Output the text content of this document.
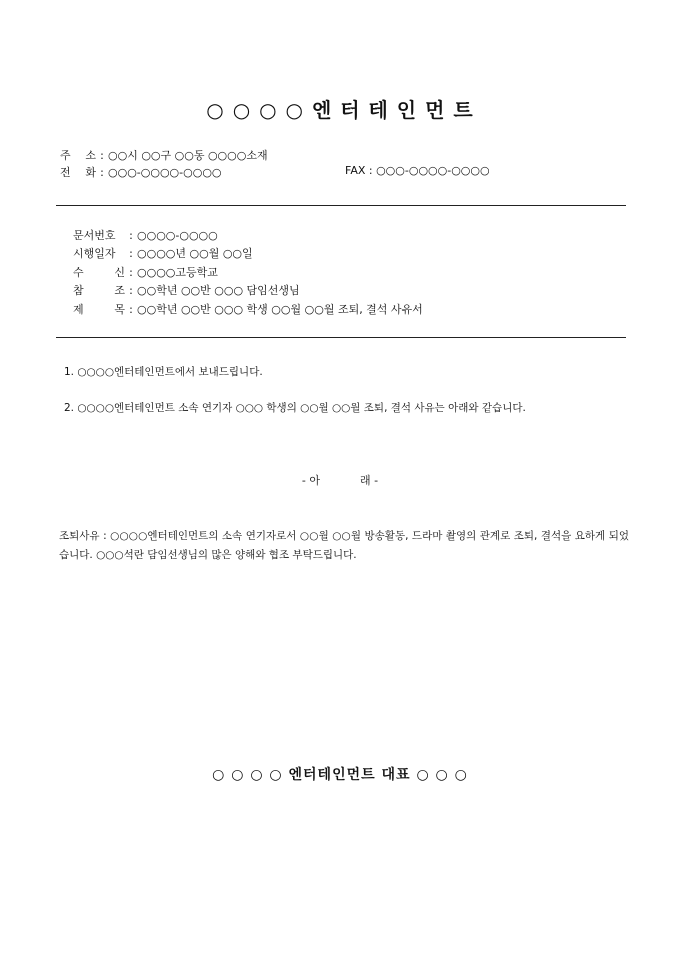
○ ○ ○ ○ 엔 터 테 인 먼 트
주 소 : ○○시 ○○구 ○○동 ○○○○소재
전 화 : ○○○-○○○○-○○○○	FAX : ○○○-○○○○-○○○○
문서번호 : ○○○○-○○○○
시행일자 : ○○○○년 ○○월 ○○일
수 신 : ○○○○고등학교
참 조 : ○○학년 ○○반 ○○○ 담임선생님
제 목 : ○○학년 ○○반 ○○○ 학생 ○○월 ○○월 조퇴, 결석 사유서
1. ○○○○엔터테인먼트에서 보내드립니다.
2. ○○○○엔터테인먼트 소속 연기자 ○○○ 학생의 ○○월 ○○월 조퇴, 결석 사유는 아래와 같습니다.
- 아	래 -
조퇴사유 : ○○○○엔터테인먼트의 소속 연기자로서 ○○월 ○○월 방송활동, 드라마 촬영의 관계로 조퇴, 결석을 요하게 되었습니다. ○○○석란 담임선생님의 많은 양해와 협조 부탁드립니다.
○ ○ ○ ○ 엔터테인먼트 대표 ○ ○ ○
